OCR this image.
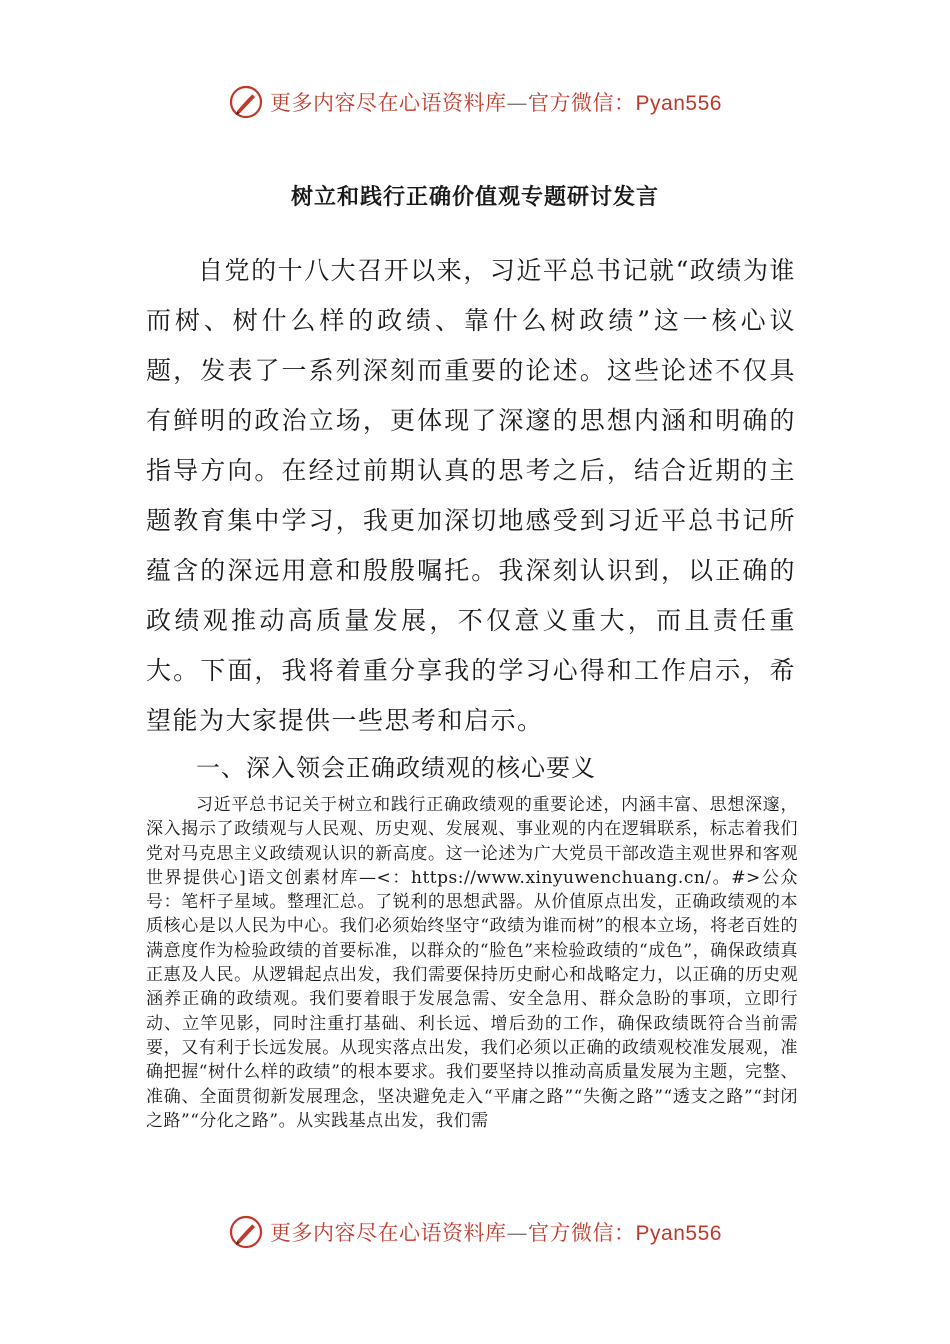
更多内容尽在心语资料库—官方微信：Pyan556
树立和践行正确价值观专题研讨发言

自党的十八大召开以来，习近平总书记就“政绩为谁而树、树什么样的政绩、靠什么树政绩”这一核心议题，发表了一系列深刻而重要的论述。这些论述不仅具有鲜明的政治立场，更体现了深邃的思想内涵和明确的指导方向。在经过前期认真的思考之后，结合近期的主题教育集中学习，我更加深切地感受到习近平总书记所蕴含的深远用意和殷殷嘱托。我深刻认识到，以正确的政绩观推动高质量发展，不仅意义重大，而且责任重大。下面，我将着重分享我的学习心得和工作启示，希望能为大家提供一些思考和启示。

一、深入领会正确政绩观的核心要义

习近平总书记关于树立和践行正确政绩观的重要论述，内涵丰富、思想深邃，深入揭示了政绩观与人民观、历史观、发展观、事业观的内在逻辑联系，标志着我们党对马克思主义政绩观认识的新高度。这一论述为广大党员干部改造主观世界和客观世界提供心]语文创素材库—<：https://www.xinyuwenchuang.cn/。#>公众号：笔杆子星域。整理汇总。了锐利的思想武器。从价值原点出发，正确政绩观的本质核心是以人民为中心。我们必须始终坚守“政绩为谁而树”的根本立场，将老百姓的满意度作为检验政绩的首要标准，以群众的“脸色”来检验政绩的“成色”，确保政绩真正惠及人民。从逻辑起点出发，我们需要保持历史耐心和战略定力，以正确的历史观涵养正确的政绩观。我们要着眼于发展急需、安全急用、群众急盼的事项，立即行动、立竿见影，同时注重打基础、利长远、增后劲的工作，确保政绩既符合当前需要，又有利于长远发展。从现实落点出发，我们必须以正确的政绩观校准发展观，准确把握“树什么样的政绩”的根本要求。我们要坚持以推动高质量发展为主题，完整、准确、全面贯彻新发展理念，坚决避免走入“平庸之路”“失衡之路”“透支之路”“封闭之路”“分化之路”。从实践基点出发，我们需

更多内容尽在心语资料库—官方微信：Pyan556
